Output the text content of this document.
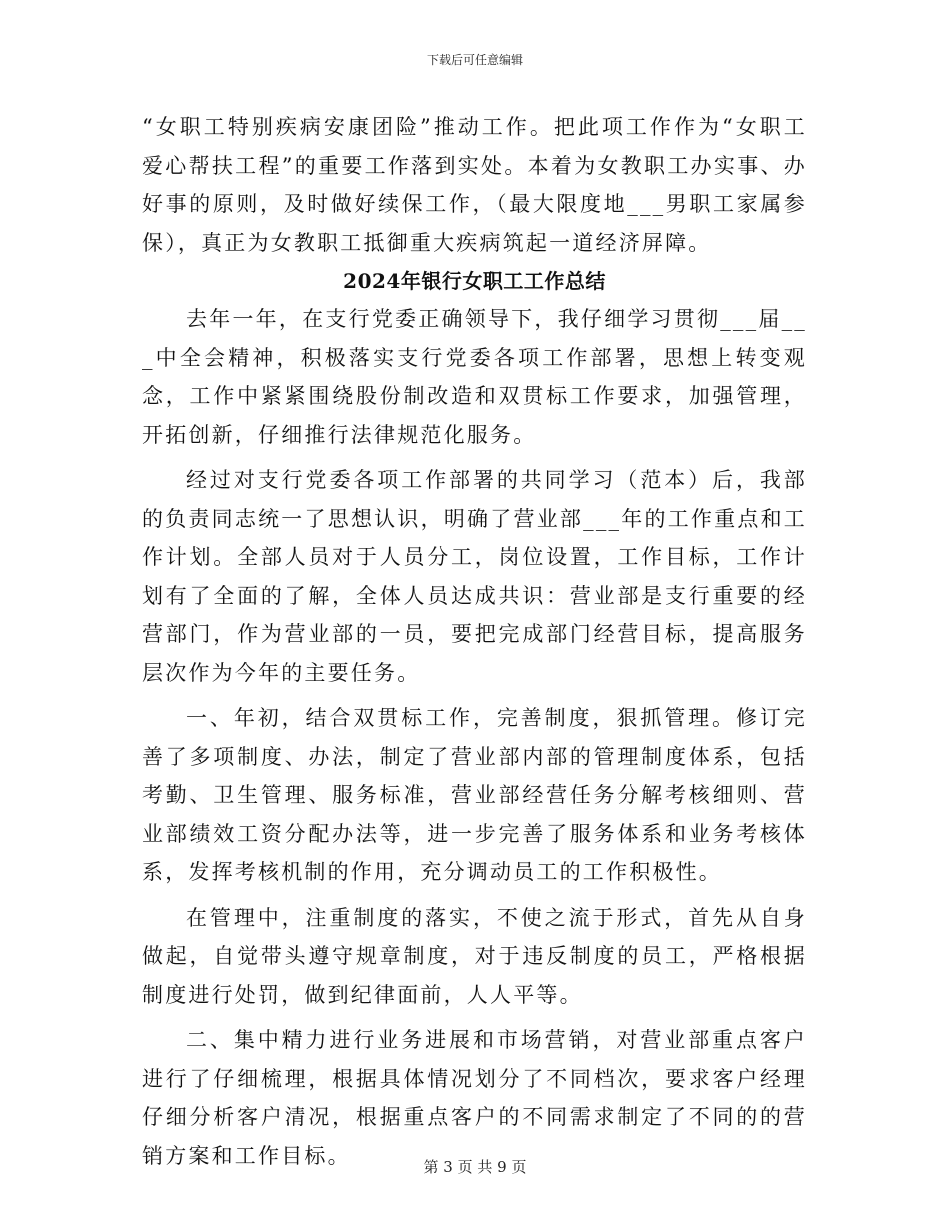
下载后可任意编辑

“女职工特别疾病安康团险”推动工作。把此项工作作为“女职工爱心帮扶工程”的重要工作落到实处。本着为女教职工办实事、办好事的原则，及时做好续保工作，（最大限度地___男职工家属参保），真正为女教职工抵御重大疾病筑起一道经济屏障。

2024年银行女职工工作总结

去年一年，在支行党委正确领导下，我仔细学习贯彻___届___中全会精神，积极落实支行党委各项工作部署，思想上转变观念，工作中紧紧围绕股份制改造和双贯标工作要求，加强管理，开拓创新，仔细推行法律规范化服务。

经过对支行党委各项工作部署的共同学习（范本）后，我部的负责同志统一了思想认识，明确了营业部___年的工作重点和工作计划。全部人员对于人员分工，岗位设置，工作目标，工作计划有了全面的了解，全体人员达成共识：营业部是支行重要的经营部门，作为营业部的一员，要把完成部门经营目标，提高服务层次作为今年的主要任务。

一、年初，结合双贯标工作，完善制度，狠抓管理。修订完善了多项制度、办法，制定了营业部内部的管理制度体系，包括考勤、卫生管理、服务标准，营业部经营任务分解考核细则、营业部绩效工资分配办法等，进一步完善了服务体系和业务考核体系，发挥考核机制的作用，充分调动员工的工作积极性。

在管理中，注重制度的落实，不使之流于形式，首先从自身做起，自觉带头遵守规章制度，对于违反制度的员工，严格根据制度进行处罚，做到纪律面前，人人平等。

二、集中精力进行业务进展和市场营销，对营业部重点客户进行了仔细梳理，根据具体情况划分了不同档次，要求客户经理仔细分析客户清况，根据重点客户的不同需求制定了不同的的营销方案和工作目标。	第 3 页 共 9 页
